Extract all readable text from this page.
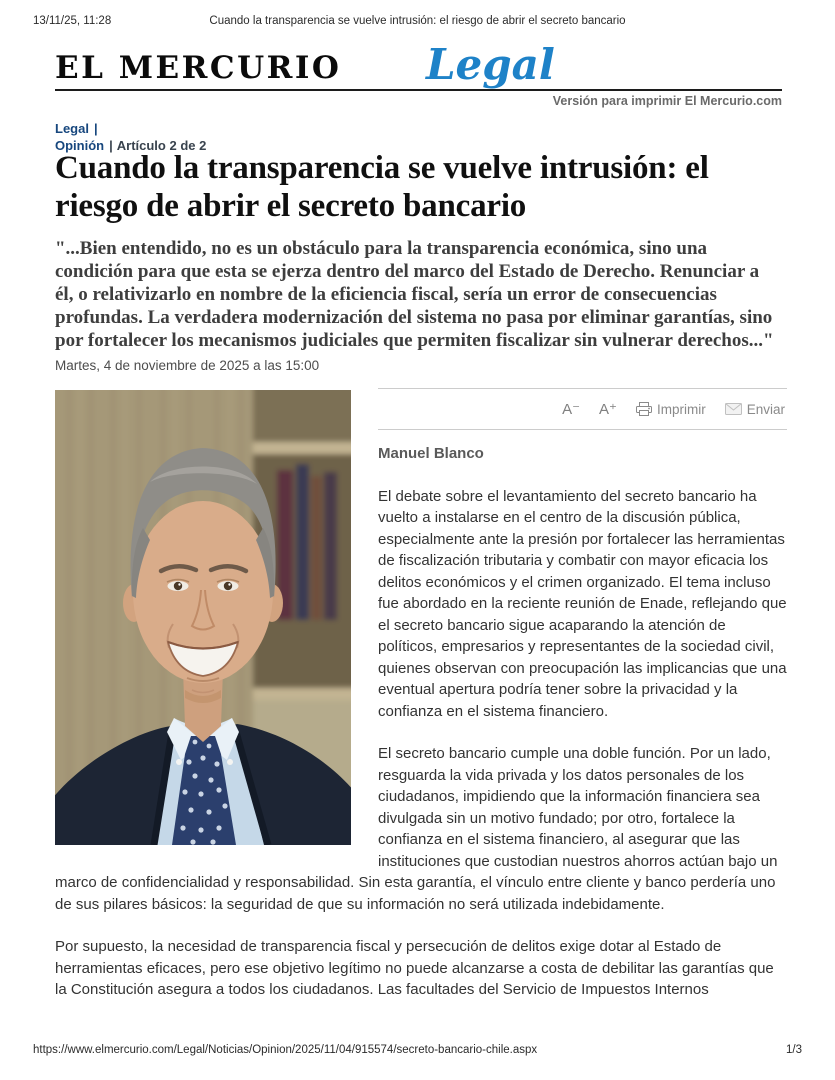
13/11/25, 11:28	Cuando la transparencia se vuelve intrusión: el riesgo de abrir el secreto bancario
EL MERCURIO Legal
Versión para imprimir El Mercurio.com
Legal |
Opinión | Artículo 2 de 2
Cuando la transparencia se vuelve intrusión: el riesgo de abrir el secreto bancario

"...Bien entendido, no es un obstáculo para la transparencia económica, sino una condición para que esta se ejerza dentro del marco del Estado de Derecho. Renunciar a él, o relativizarlo en nombre de la eficiencia fiscal, sería un error de consecuencias profundas. La verdadera modernización del sistema no pasa por eliminar garantías, sino por fortalecer los mecanismos judiciales que permiten fiscalizar sin vulnerar derechos..."

Martes, 4 de noviembre de 2025 a las 15:00

f X	A⁻ A⁺	Imprimir	Enviar

Manuel Blanco

El debate sobre el levantamiento del secreto bancario ha vuelto a instalarse en el centro de la discusión pública, especialmente ante la presión por fortalecer las herramientas de fiscalización tributaria y combatir con mayor eficacia los delitos económicos y el crimen organizado. El tema incluso fue abordado en la reciente reunión de Enade, reflejando que el secreto bancario sigue acaparando la atención de políticos, empresarios y representantes de la sociedad civil, quienes observan con preocupación las implicancias que una eventual apertura podría tener sobre la privacidad y la confianza en el sistema financiero.

El secreto bancario cumple una doble función. Por un lado, resguarda la vida privada y los datos personales de los ciudadanos, impidiendo que la información financiera sea divulgada sin un motivo fundado; por otro, fortalece la confianza en el sistema financiero, al asegurar que las instituciones que custodian nuestros ahorros actúan bajo un marco de confidencialidad y responsabilidad. Sin esta garantía, el vínculo entre cliente y banco perdería uno de sus pilares básicos: la seguridad de que su información no será utilizada indebidamente.

Por supuesto, la necesidad de transparencia fiscal y persecución de delitos exige dotar al Estado de herramientas eficaces, pero ese objetivo legítimo no puede alcanzarse a costa de debilitar las garantías que la Constitución asegura a todos los ciudadanos. Las facultades del Servicio de Impuestos Internos

https://www.elmercurio.com/Legal/Noticias/Opinion/2025/11/04/915574/secreto-bancario-chile.aspx	1/3
